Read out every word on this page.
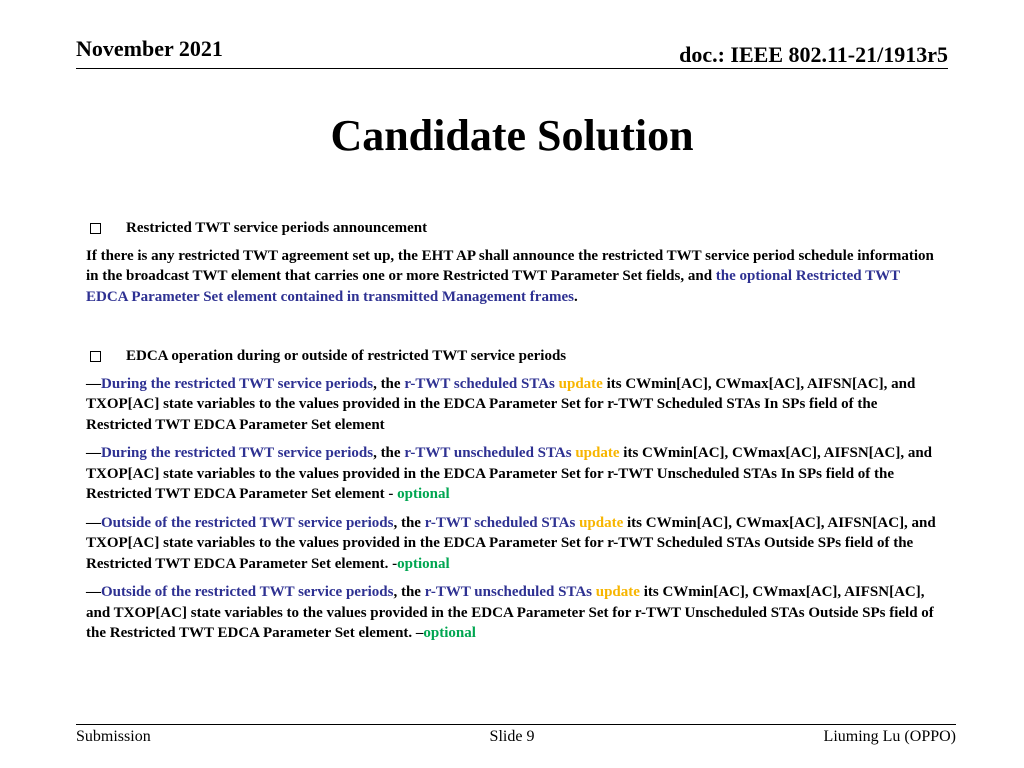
November 2021	doc.: IEEE 802.11-21/1913r5
Candidate Solution
Restricted TWT service periods announcement
If there is any restricted TWT agreement set up, the EHT AP shall announce the restricted TWT service period schedule information in the broadcast TWT element that carries one or more Restricted TWT Parameter Set fields, and the optional Restricted TWT EDCA Parameter Set element contained in transmitted Management frames.
EDCA operation during or outside of restricted TWT service periods
—During the restricted TWT service periods, the r-TWT scheduled STAs update its CWmin[AC], CWmax[AC], AIFSN[AC], and TXOP[AC] state variables to the values provided in the EDCA Parameter Set for r-TWT Scheduled STAs In SPs field of the Restricted TWT EDCA Parameter Set element
—During the restricted TWT service periods, the r-TWT unscheduled STAs update its CWmin[AC], CWmax[AC], AIFSN[AC], and TXOP[AC] state variables to the values provided in the EDCA Parameter Set for r-TWT Unscheduled STAs In SPs field of the Restricted TWT EDCA Parameter Set element - optional
—Outside of the restricted TWT service periods, the r-TWT scheduled STAs update its CWmin[AC], CWmax[AC], AIFSN[AC], and TXOP[AC] state variables to the values provided in the EDCA Parameter Set for r-TWT Scheduled STAs Outside SPs field of the Restricted TWT EDCA Parameter Set element. -optional
—Outside of the restricted TWT service periods, the r-TWT unscheduled STAs update its CWmin[AC], CWmax[AC], AIFSN[AC], and TXOP[AC] state variables to the values provided in the EDCA Parameter Set for r-TWT Unscheduled STAs Outside SPs field of the Restricted TWT EDCA Parameter Set element. –optional
Submission	Slide 9	Liuming Lu (OPPO)
